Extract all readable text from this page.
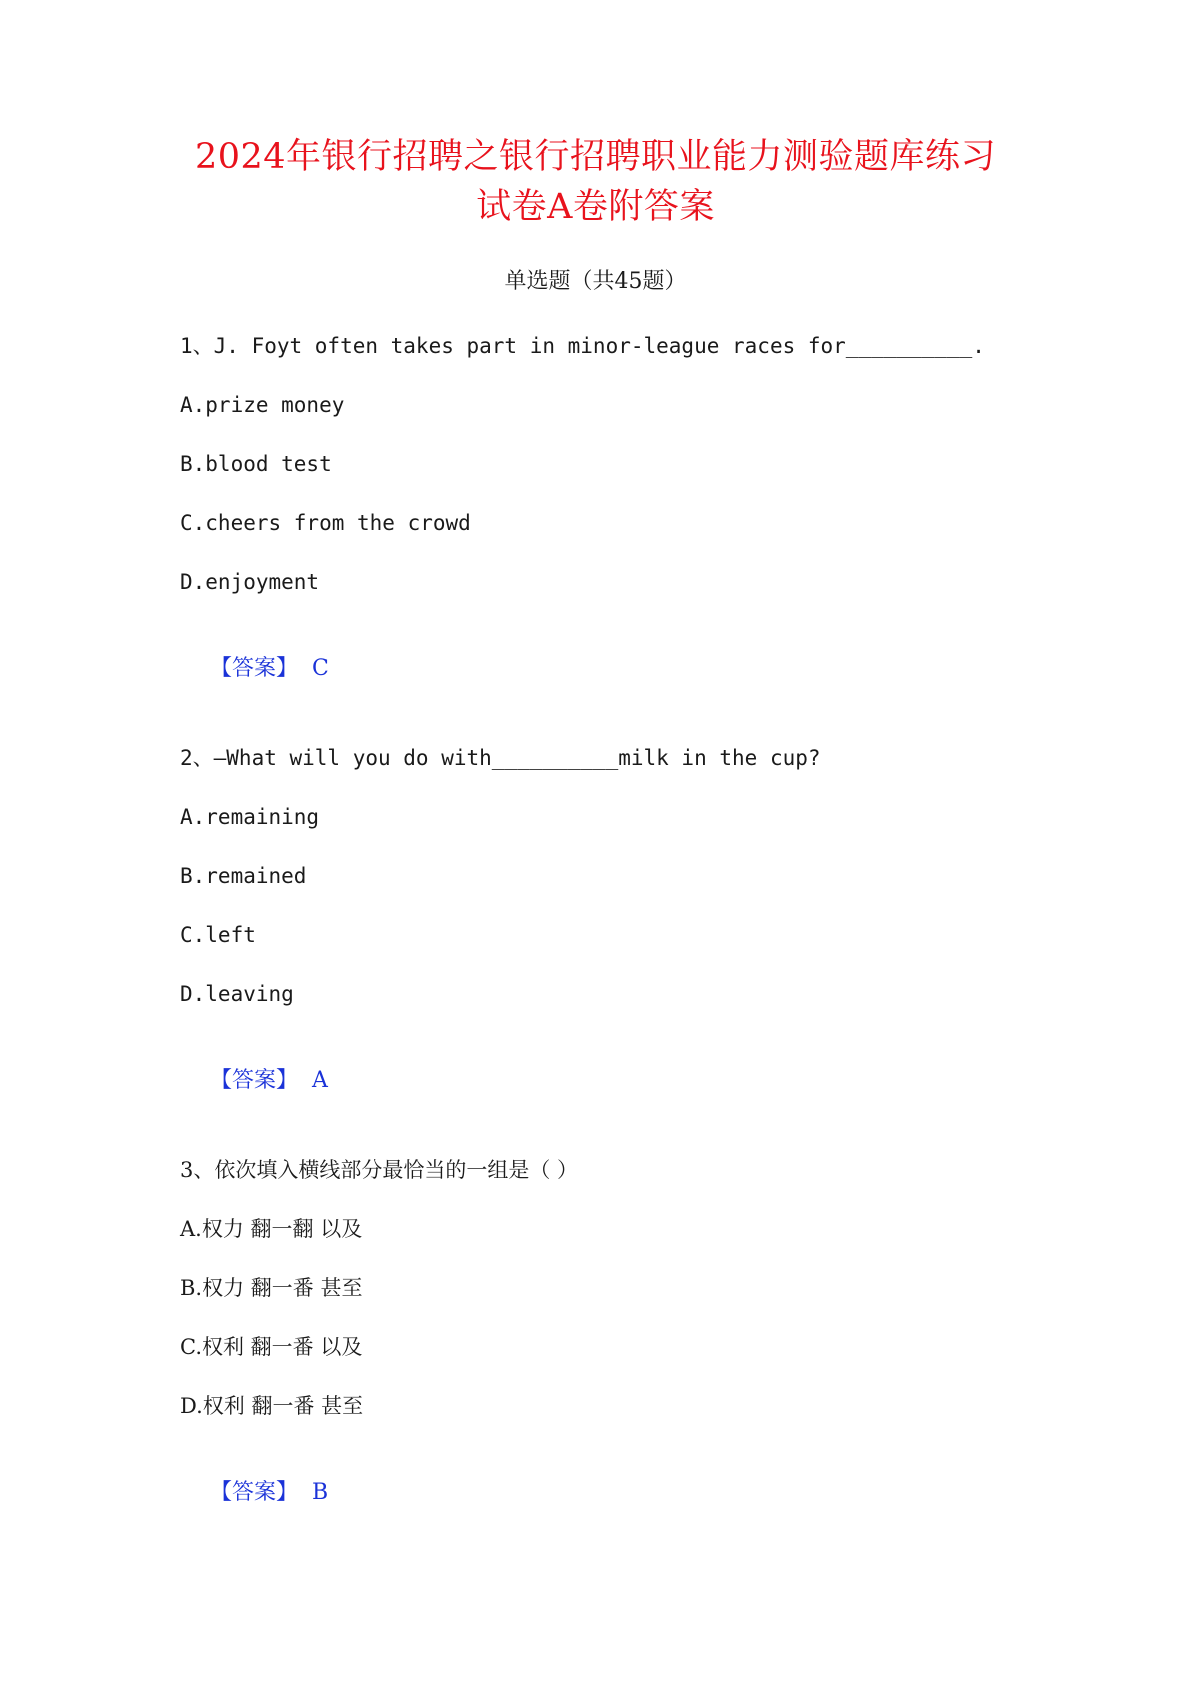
2024年银行招聘之银行招聘职业能力测验题库练习
试卷A卷附答案
单选题（共45题）
1、J. Foyt often takes part in minor-league races for__________.
A.prize money
B.blood test
C.cheers from the crowd
D.enjoyment

【答案】 C

2、—What will you do with__________milk in the cup?
A.remaining
B.remained
C.left
D.leaving

【答案】 A

3、依次填入横线部分最恰当的一组是（ ）
A.权力 翻一翻 以及
B.权力 翻一番 甚至
C.权利 翻一番 以及
D.权利 翻一番 甚至

【答案】 B
